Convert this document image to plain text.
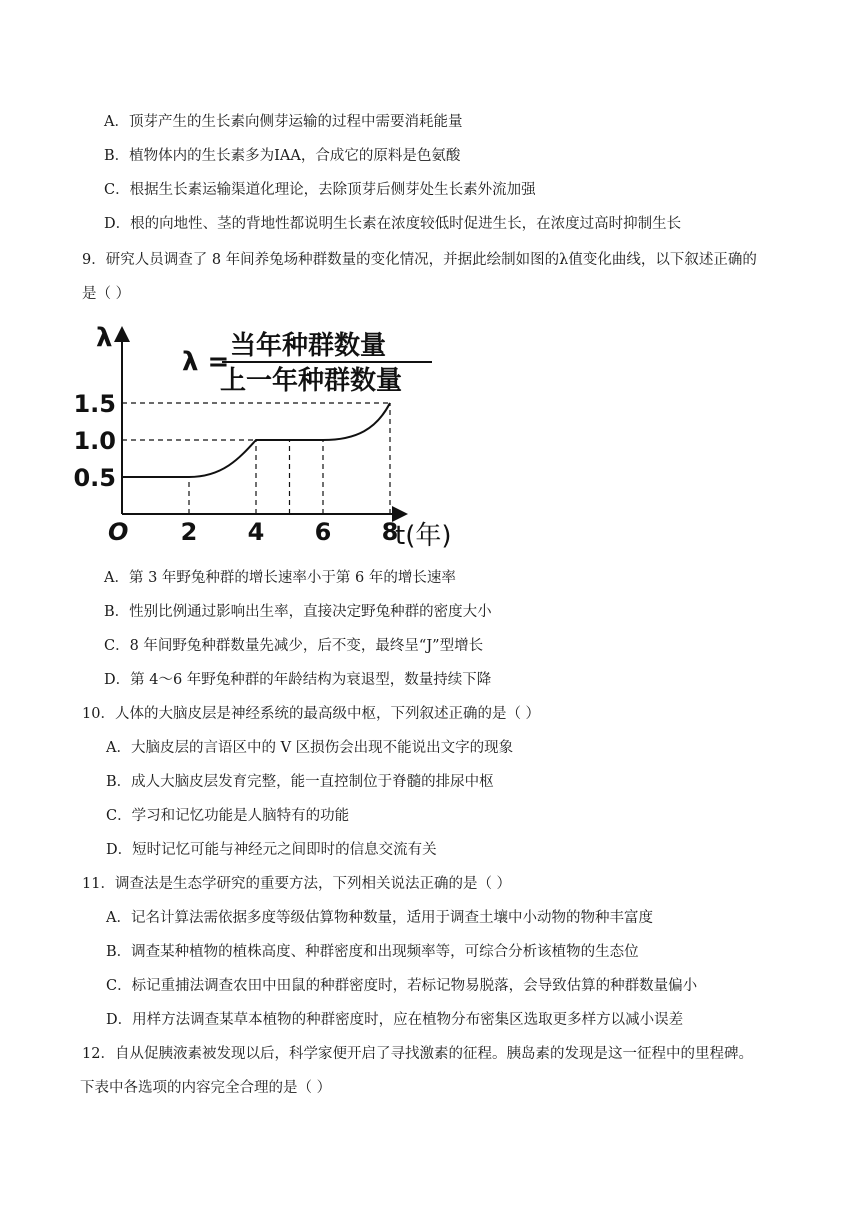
A．顶芽产生的生长素向侧芽运输的过程中需要消耗能量
B．植物体内的生长素多为IAA，合成它的原料是色氨酸
C．根据生长素运输渠道化理论，去除顶芽后侧芽处生长素外流加强
D．根的向地性、茎的背地性都说明生长素在浓度较低时促进生长，在浓度过高时抑制生长
9．研究人员调查了 8 年间养兔场种群数量的变化情况，并据此绘制如图的λ值变化曲线，以下叙述正确的
是（ ）
2 4 6 8
0.5
1.0
1.5
λ
O	t(年)
λ =
当年种群数量
上一年种群数量
A．第 3 年野兔种群的增长速率小于第 6 年的增长速率
B．性别比例通过影响出生率，直接决定野兔种群的密度大小
C．8 年间野兔种群数量先减少，后不变，最终呈“J”型增长
D．第 4～6 年野兔种群的年龄结构为衰退型，数量持续下降
10．人体的大脑皮层是神经系统的最高级中枢，下列叙述正确的是（ ）
A．大脑皮层的言语区中的 V 区损伤会出现不能说出文字的现象
B．成人大脑皮层发育完整，能一直控制位于脊髓的排尿中枢
C．学习和记忆功能是人脑特有的功能
D．短时记忆可能与神经元之间即时的信息交流有关
11．调查法是生态学研究的重要方法，下列相关说法正确的是（ ）
A．记名计算法需依据多度等级估算物种数量，适用于调查土壤中小动物的物种丰富度
B．调查某种植物的植株高度、种群密度和出现频率等，可综合分析该植物的生态位
C．标记重捕法调查农田中田鼠的种群密度时，若标记物易脱落，会导致估算的种群数量偏小
D．用样方法调查某草本植物的种群密度时，应在植物分布密集区选取更多样方以减小误差
12．自从促胰液素被发现以后，科学家便开启了寻找激素的征程。胰岛素的发现是这一征程中的里程碑。
下表中各选项的内容完全合理的是（ ）
